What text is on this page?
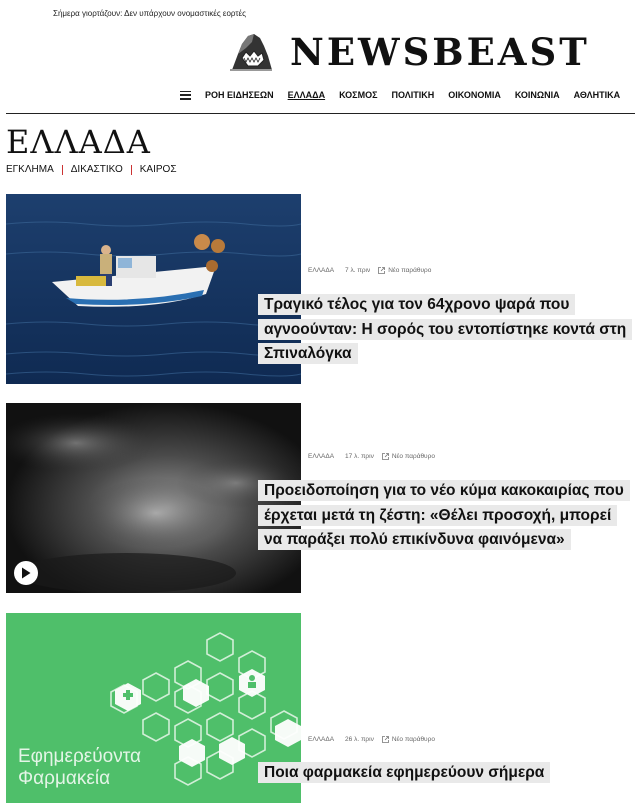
Σήμερα γιορτάζουν: Δεν υπάρχουν ονομαστικές εορτές
NEWSBEAST
ΡΟΗ ΕΙΔΗΣΕΩΝ ΕΛΛΑΔΑ ΚΟΣΜΟΣ ΠΟΛΙΤΙΚΗ ΟΙΚΟΝΟΜΙΑ ΚΟΙΝΩΝΙΑ ΑΘΛΗΤΙΚΑ
ΕΛΛΑΔΑ
ΕΓΚΛΗΜΑ ΔΙΚΑΣΤΙΚΟ ΚΑΙΡΟΣ
ΕΛΛΑΔΑ 7 λ. πριν	Νέο παράθυρο
Τραγικό τέλος για τον 64χρονο ψαρά που αγνοούνταν: Η σορός του εντοπίστηκε κοντά στη Σπιναλόγκα
ΕΛΛΑΔΑ 17 λ. πριν	Νέο παράθυρο
Προειδοποίηση για το νέο κύμα κακοκαιρίας που έρχεται μετά τη ζέστη: «Θέλει προσοχή, μπορεί να παράξει πολύ επικίνδυνα φαινόμενα»
Εφημερεύοντα Φαρμακεία
ΕΛΛΑΔΑ 26 λ. πριν	Νέο παράθυρο
Ποια φαρμακεία εφημερεύουν σήμερα
